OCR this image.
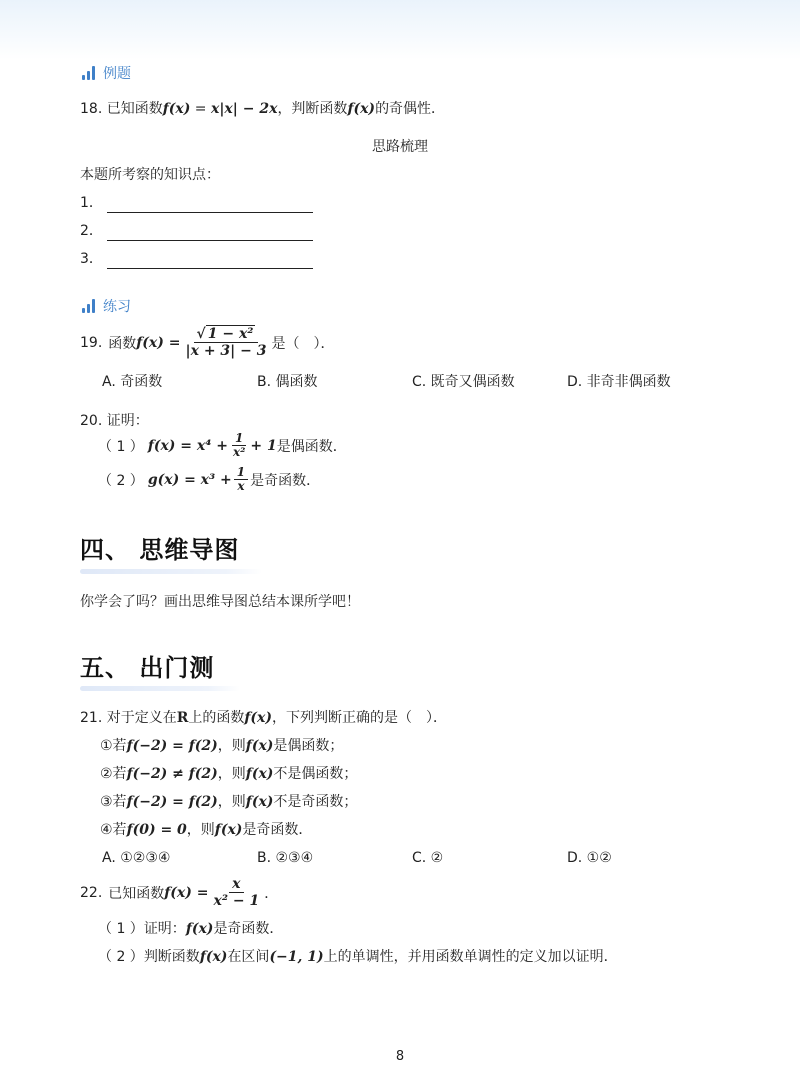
例题
18. 已知函数f(x) = x|x| − 2x，判断函数f(x)的奇偶性．
思路梳理
本题所考察的知识点：
1．
2．
3．
练习
19. 函数 $f(x) = \frac{\text{√ 1 − x²}}{|x + 3| - 3}$ 是（　）．
A. 奇函数	B. 偶函数	C. 既奇又偶函数	D. 非奇非偶函数
20. 证明：
（ 1 ） $f(x) = x^4 + \frac{1}{\text{x²}} + 1$ 是偶函数．
（ 2 ） $g(x) = x^3 + \frac{1}{x}$ 是奇函数．
四、 思维导图
你学会了吗？画出思维导图总结本课所学吧！
五、 出门测
21. 对于定义在R上的函数f(x)，下列判断正确的是（　）．
①若f(−2) = f(2)，则f(x)是偶函数；
②若f(−2) ≠ f(2)，则f(x)不是偶函数；
③若f(−2) = f(2)，则f(x)不是奇函数；
④若f(0) = 0，则f(x)是奇函数．
A. ①②③④	B. ②③④	C. ②	D. ①②
22. 已知函数 $f(x) = \frac{x}{\text{x² − 1}}$ ．
（ 1 ）证明：f(x)是奇函数．
（ 2 ）判断函数f(x)在区间(−1, 1)上的单调性，并用函数单调性的定义加以证明．
8
